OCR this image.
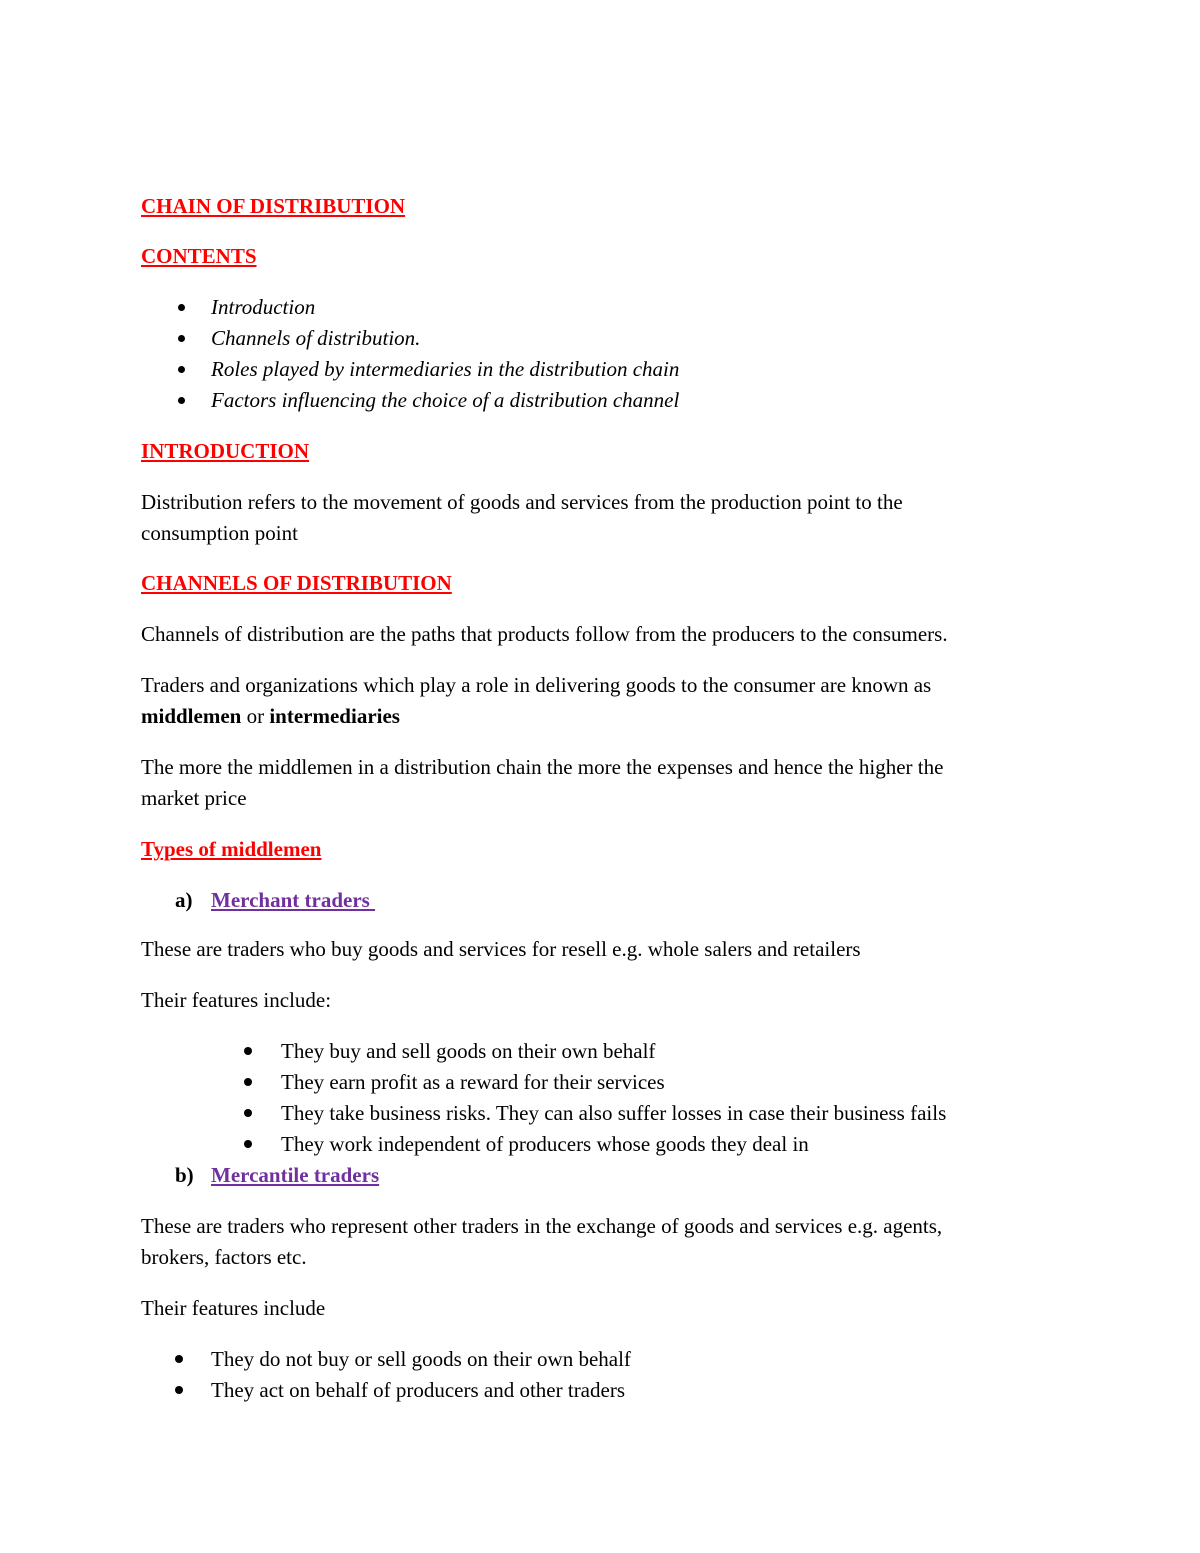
CHAIN OF DISTRIBUTION
CONTENTS
Introduction
Channels of distribution.
Roles played by intermediaries in the distribution chain
Factors influencing the choice of a distribution channel
INTRODUCTION
Distribution refers to the movement of goods and services from the production point to the
consumption point
CHANNELS OF DISTRIBUTION
Channels of distribution are the paths that products follow from the producers to the consumers.
Traders and organizations which play a role in delivering goods to the consumer are known as
middlemen or intermediaries
The more the middlemen in a distribution chain the more the expenses and hence the higher the
market price
Types of middlemen
a) Merchant traders
These are traders who buy goods and services for resell e.g. whole salers and retailers
Their features include:
They buy and sell goods on their own behalf
They earn profit as a reward for their services
They take business risks. They can also suffer losses in case their business fails
They work independent of producers whose goods they deal in
b) Mercantile traders
These are traders who represent other traders in the exchange of goods and services e.g. agents,
brokers, factors etc.
Their features include
They do not buy or sell goods on their own behalf
They act on behalf of producers and other traders
